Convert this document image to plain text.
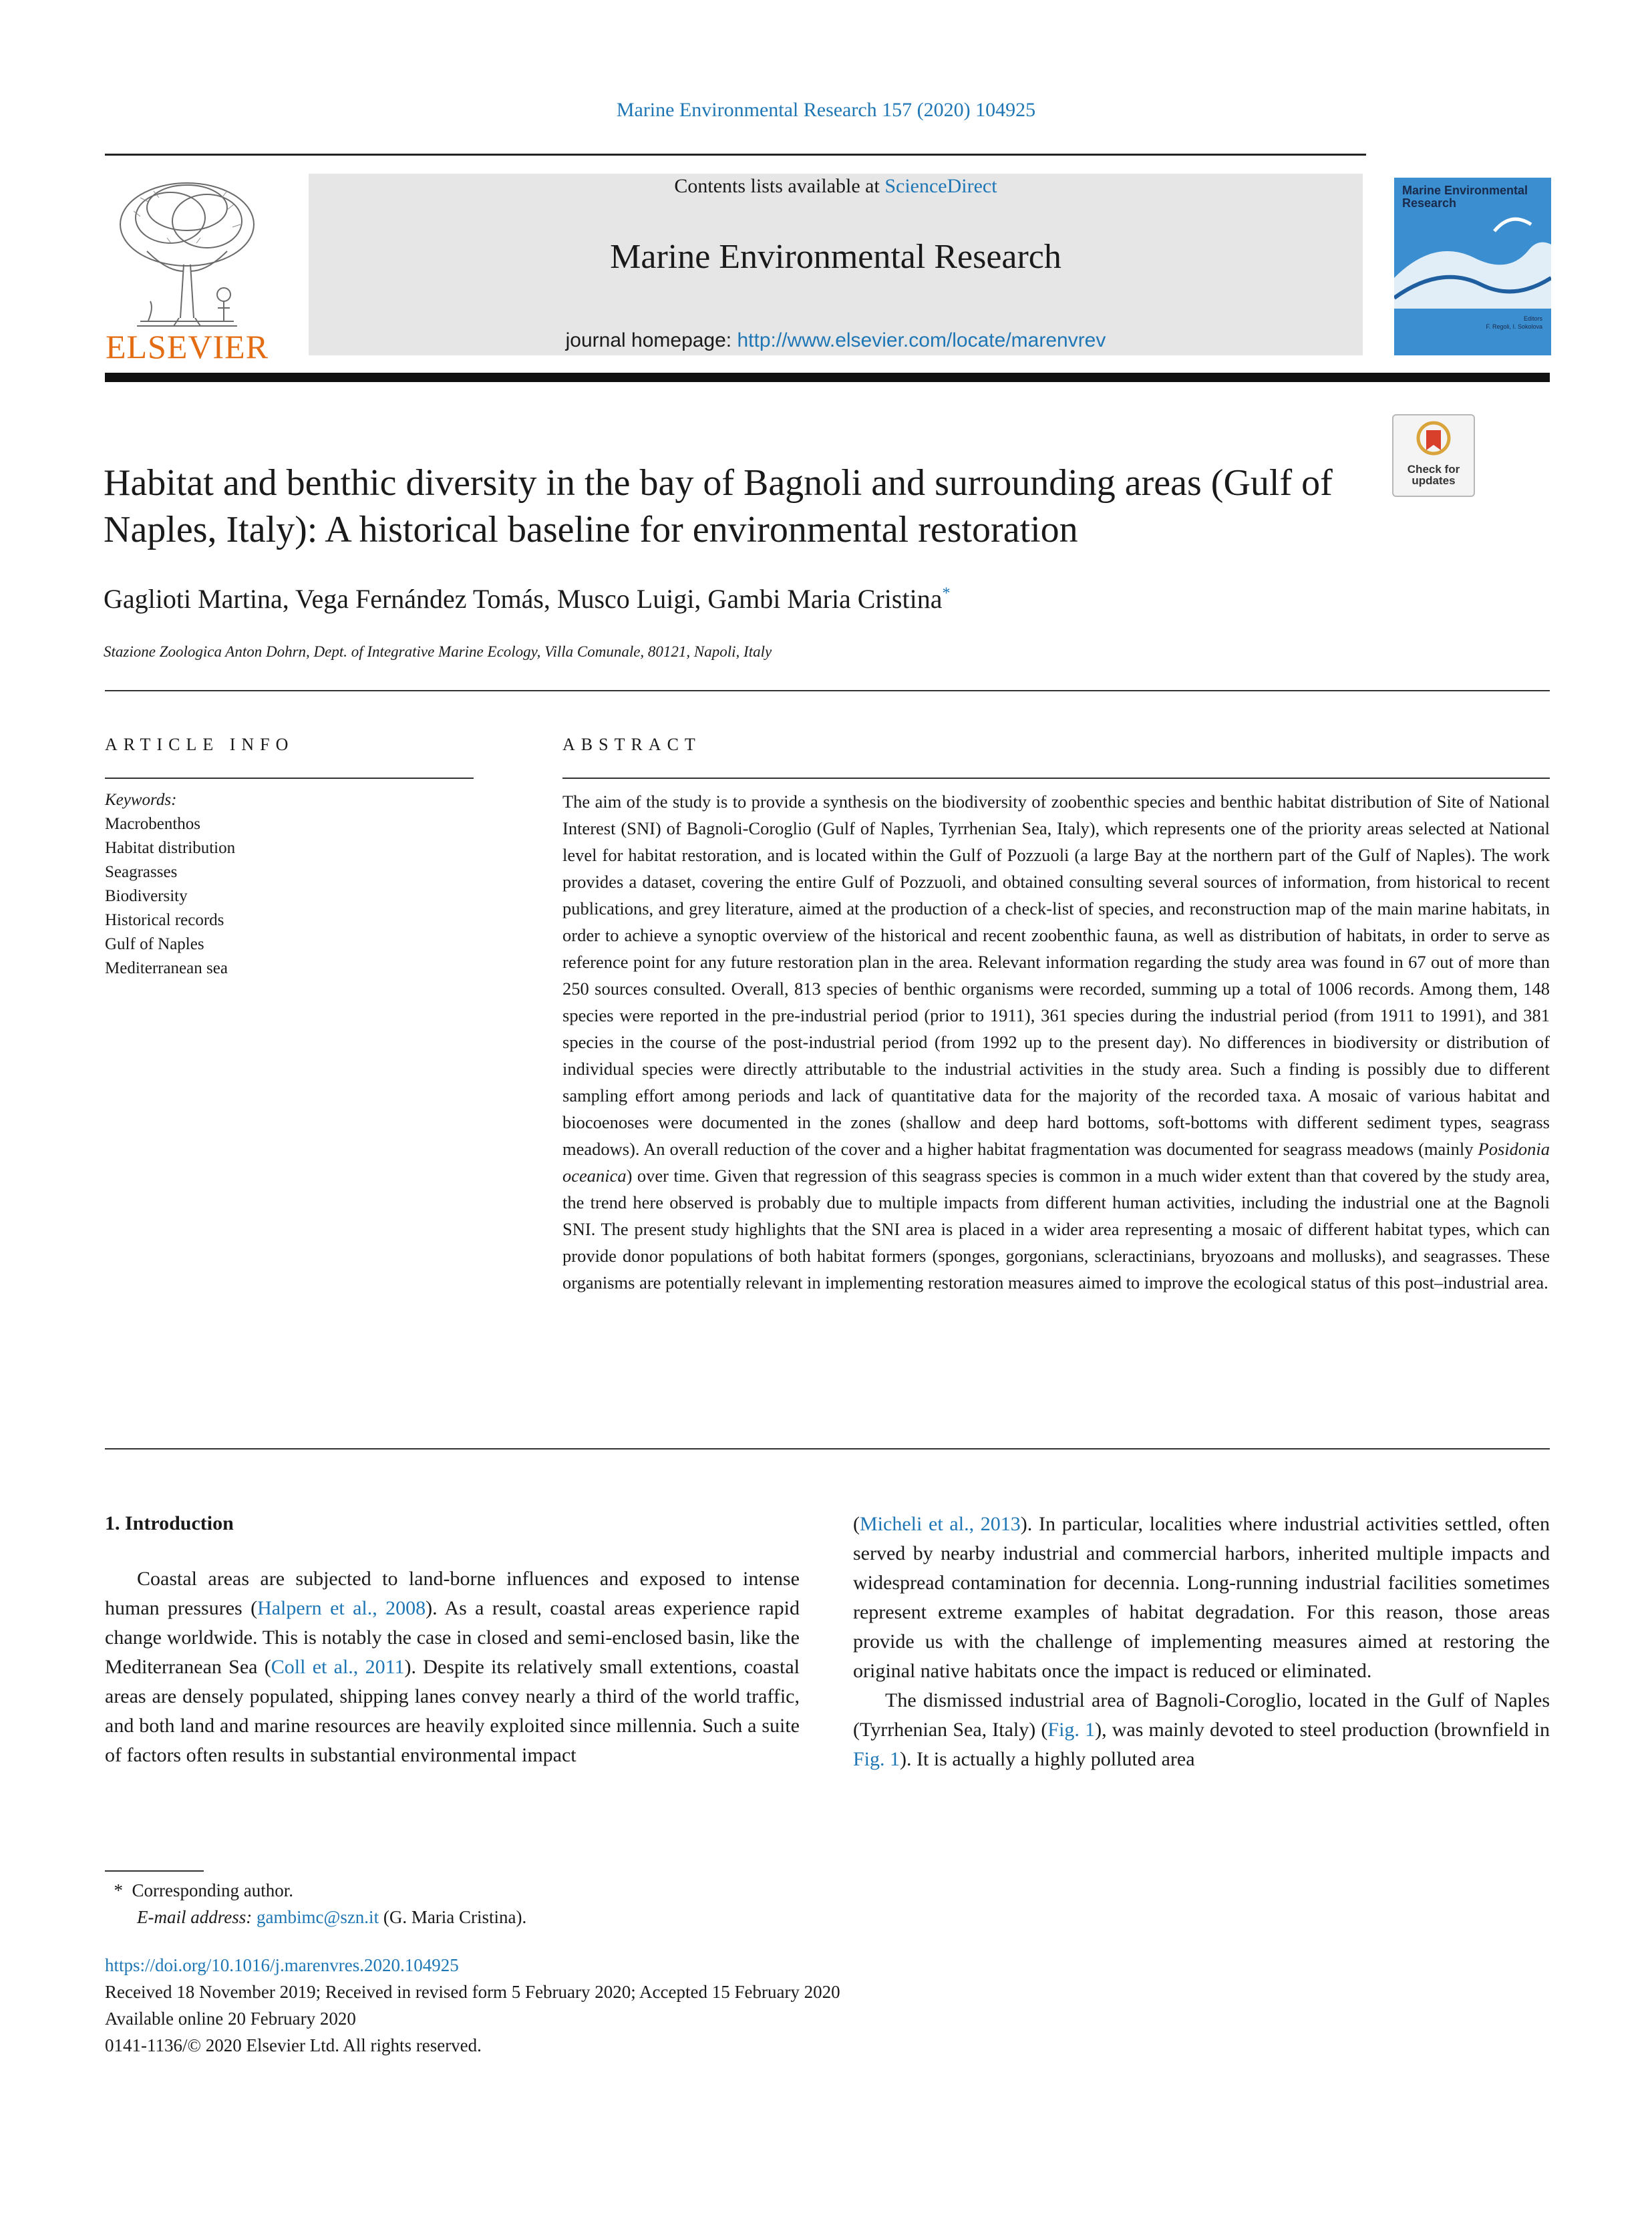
Marine Environmental Research 157 (2020) 104925
ELSEVIER
Contents lists available at ScienceDirect
Marine Environmental Research
journal homepage: http://www.elsevier.com/locate/marenvrev
Marine Environmental Research
Editors
F. Regoli, I. Sokolova
Check for updates
Habitat and benthic diversity in the bay of Bagnoli and surrounding areas (Gulf of Naples, Italy): A historical baseline for environmental restoration
Gaglioti Martina, Vega Fernández Tomás, Musco Luigi, Gambi Maria Cristina*
Stazione Zoologica Anton Dohrn, Dept. of Integrative Marine Ecology, Villa Comunale, 80121, Napoli, Italy
ARTICLE INFO	ABSTRACT
Keywords:
Macrobenthos
Habitat distribution
Seagrasses
Biodiversity
Historical records
Gulf of Naples
Mediterranean sea
The aim of the study is to provide a synthesis on the biodiversity of zoobenthic species and benthic habitat distribution of Site of National Interest (SNI) of Bagnoli-Coroglio (Gulf of Naples, Tyrrhenian Sea, Italy), which represents one of the priority areas selected at National level for habitat restoration, and is located within the Gulf of Pozzuoli (a large Bay at the northern part of the Gulf of Naples). The work provides a dataset, covering the entire Gulf of Pozzuoli, and obtained consulting several sources of information, from historical to recent publications, and grey literature, aimed at the production of a check-list of species, and reconstruction map of the main marine habitats, in order to achieve a synoptic overview of the historical and recent zoobenthic fauna, as well as distribution of habitats, in order to serve as reference point for any future restoration plan in the area. Relevant information regarding the study area was found in 67 out of more than 250 sources consulted. Overall, 813 species of benthic organisms were recorded, summing up a total of 1006 records. Among them, 148 species were reported in the pre-industrial period (prior to 1911), 361 species during the industrial period (from 1911 to 1991), and 381 species in the course of the post-industrial period (from 1992 up to the present day). No differences in biodiversity or distribution of individual species were directly attributable to the industrial activities in the study area. Such a finding is possibly due to different sampling effort among periods and lack of quantitative data for the majority of the recorded taxa. A mosaic of various habitat and biocoenoses were documented in the zones (shallow and deep hard bottoms, soft-bottoms with different sediment types, seagrass meadows). An overall reduction of the cover and a higher habitat fragmentation was documented for seagrass meadows (mainly Posidonia oceanica) over time. Given that regression of this seagrass species is common in a much wider extent than that covered by the study area, the trend here observed is probably due to multiple impacts from different human activities, including the industrial one at the Bagnoli SNI. The present study highlights that the SNI area is placed in a wider area representing a mosaic of different habitat types, which can provide donor populations of both habitat formers (sponges, gorgonians, scleractinians, bryozoans and mollusks), and seagrasses. These organisms are potentially relevant in implementing restoration measures aimed to improve the ecological status of this post–industrial area.
1. Introduction

Coastal areas are subjected to land-borne influences and exposed to intense human pressures (Halpern et al., 2008). As a result, coastal areas experience rapid change worldwide. This is notably the case in closed and semi-enclosed basin, like the Mediterranean Sea (Coll et al., 2011). Despite its relatively small extentions, coastal areas are densely populated, shipping lanes convey nearly a third of the world traffic, and both land and marine resources are heavily exploited since millennia. Such a suite of factors often results in substantial environmental impact

(Micheli et al., 2013). In particular, localities where industrial activities settled, often served by nearby industrial and commercial harbors, inherited multiple impacts and widespread contamination for decennia. Long-running industrial facilities sometimes represent extreme examples of habitat degradation. For this reason, those areas provide us with the challenge of implementing measures aimed at restoring the original native habitats once the impact is reduced or eliminated.

The dismissed industrial area of Bagnoli-Coroglio, located in the Gulf of Naples (Tyrrhenian Sea, Italy) (Fig. 1), was mainly devoted to steel production (brownfield in Fig. 1). It is actually a highly polluted area

* Corresponding author.
E-mail address: gambimc@szn.it (G. Maria Cristina).
https://doi.org/10.1016/j.marenvres.2020.104925
Received 18 November 2019; Received in revised form 5 February 2020; Accepted 15 February 2020
Available online 20 February 2020
0141-1136/© 2020 Elsevier Ltd. All rights reserved.
